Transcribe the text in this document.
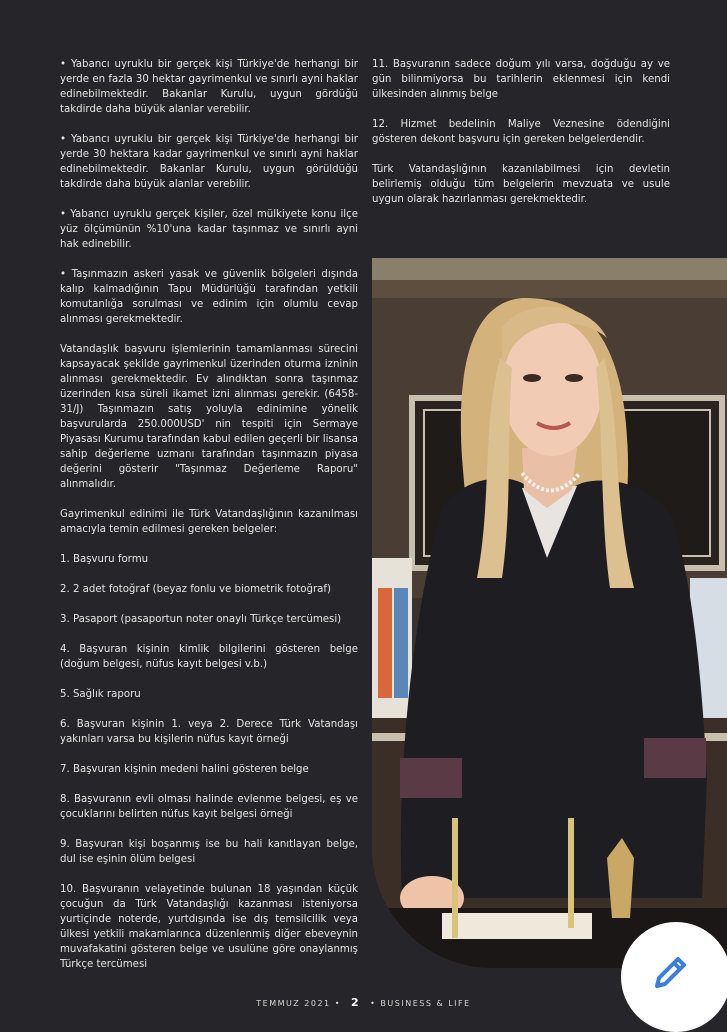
• Yabancı uyruklu bir gerçek kişi Türkiye'de herhangi bir yerde en fazla 30 hektar gayrimenkul ve sınırlı ayni haklar edinebilmektedir. Bakanlar Kurulu, uygun gördüğü takdirde daha büyük alanlar verebilir.

• Yabancı uyruklu bir gerçek kişi Türkiye'de herhangi bir yerde 30 hektara kadar gayrimenkul ve sınırlı ayni haklar edinebilmektedir. Bakanlar Kurulu, uygun görüldüğü takdirde daha büyük alanlar verebilir.

• Yabancı uyruklu gerçek kişiler, özel mülkiyete konu ilçe yüz ölçümünün %10'una kadar taşınmaz ve sınırlı ayni hak edinebilir.

• Taşınmazın askeri yasak ve güvenlik bölgeleri dışında kalıp kalmadığının Tapu Müdürlüğü tarafından yetkili komutanlığa sorulması ve edinim için olumlu cevap alınması gerekmektedir.

Vatandaşlık başvuru işlemlerinin tamamlanması sürecini kapsayacak şekilde gayrimenkul üzerinden oturma izninin alınması gerekmektedir. Ev alındıktan sonra taşınmaz üzerinden kısa süreli ikamet izni alınması gerekir. (6458-31/J) Taşınmazın satış yoluyla edinimine yönelik başvurularda 250.000USD' nin tespiti için Sermaye Piyasası Kurumu tarafından kabul edilen geçerli bir lisansa sahip değerleme uzmanı tarafından taşınmazın piyasa değerini gösterir "Taşınmaz Değerleme Raporu" alınmalıdır.

Gayrimenkul edinimi ile Türk Vatandaşlığının kazanılması amacıyla temin edilmesi gereken belgeler:

1. Başvuru formu

2. 2 adet fotoğraf (beyaz fonlu ve biometrik fotoğraf)

3. Pasaport (pasaportun noter onaylı Türkçe tercümesi)

4. Başvuran kişinin kimlik bilgilerini gösteren belge (doğum belgesi, nüfus kayıt belgesi v.b.)

5. Sağlık raporu

6. Başvuran kişinin 1. veya 2. Derece Türk Vatandaşı yakınları varsa bu kişilerin nüfus kayıt örneği

7. Başvuran kişinin medeni halini gösteren belge

8. Başvuranın evli olması halinde evlenme belgesi, eş ve çocuklarını belirten nüfus kayıt belgesi örneği

9. Başvuran kişi boşanmış ise bu hali kanıtlayan belge, dul ise eşinin ölüm belgesi

10. Başvuranın velayetinde bulunan 18 yaşından küçük çocuğun da Türk Vatandaşlığı kazanması isteniyorsa yurtiçinde noterde, yurtdışında ise dış temsilcilik veya ülkesi yetkili makamlarınca düzenlenmiş diğer ebeveynin muvafakatini gösteren belge ve usulüne göre onaylanmış Türkçe tercümesi

11. Başvuranın sadece doğum yılı varsa, doğduğu ay ve gün bilinmiyorsa bu tarihlerin eklenmesi için kendi ülkesinden alınmış belge

12. Hizmet bedelinin Maliye Veznesine ödendiğini gösteren dekont başvuru için gereken belgelerdendir.

Türk Vatandaşlığının kazanılabilmesi için devletin belirlemiş olduğu tüm belgelerin mevzuata ve usule uygun olarak hazırlanması gerekmektedir.

TEMMUZ 2021 • 2 • BUSINESS & LIFE
